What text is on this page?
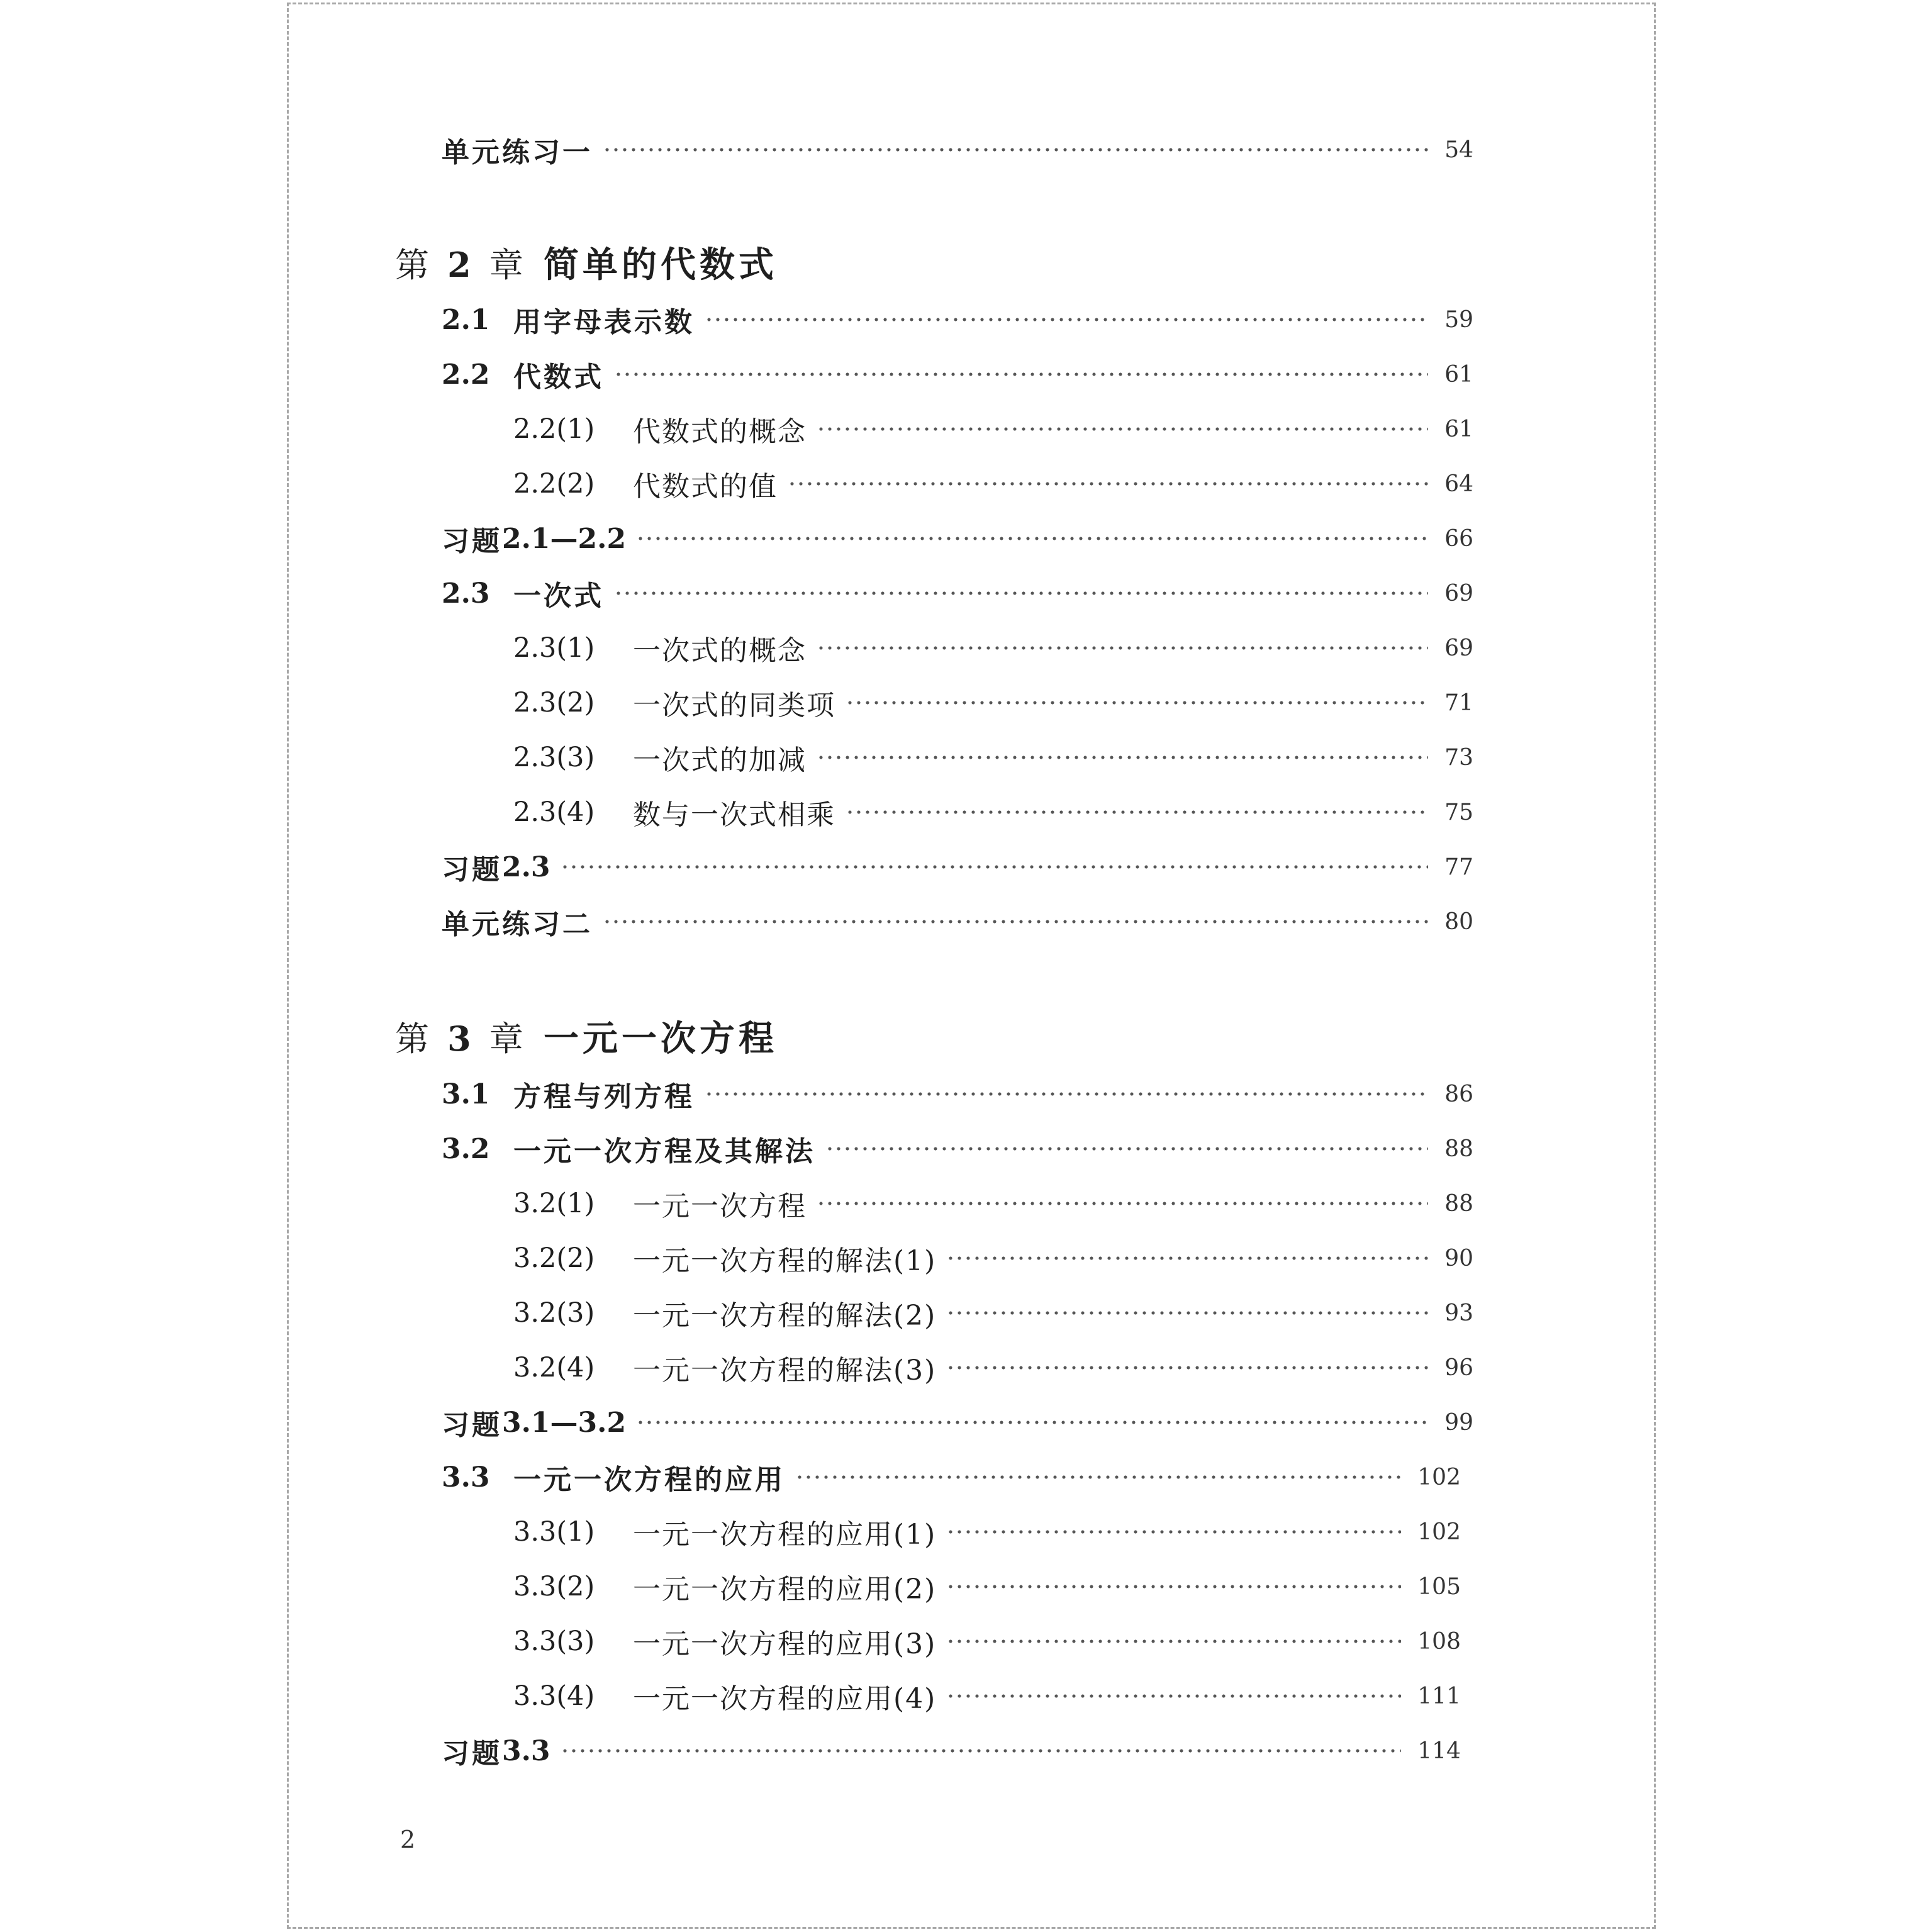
单元练习一	54
第 2 章 简单的代数式
2.1 用字母表示数	59
2.2 代数式	61
2.2(1)	代数式的概念	61
2.2(2)	代数式的值	64
习题 2.1—2.2	66
2.3 一次式	69
2.3(1)	一次式的概念	69
2.3(2)	一次式的同类项	71
2.3(3)	一次式的加减	73
2.3(4)	数与一次式相乘	75
习题 2.3	77
单元练习二	80
第 3 章 一元一次方程
3.1 方程与列方程	86
3.2 一元一次方程及其解法	88
3.2(1)	一元一次方程	88
3.2(2)	一元一次方程的解法(1)	90
3.2(3)	一元一次方程的解法(2)	93
3.2(4)	一元一次方程的解法(3)	96
习题 3.1—3.2	99
3.3 一元一次方程的应用	102
3.3(1)	一元一次方程的应用(1)	102
3.3(2)	一元一次方程的应用(2)	105
3.3(3)	一元一次方程的应用(3)	108
3.3(4)	一元一次方程的应用(4)	111
习题 3.3	114
2
